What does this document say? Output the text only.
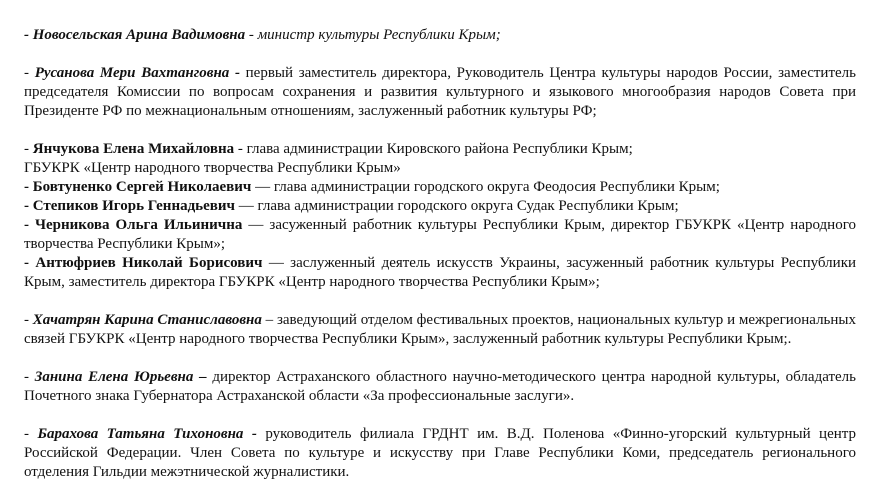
- Новосельская Арина Вадимовна - министр культуры Республики Крым;

- Русанова Мери Вахтанговна - первый заместитель директора, Руководитель Центра культуры народов России, заместитель председателя Комиссии по вопросам сохранения и развития культурного и языкового многообразия народов Совета при Президенте РФ по межнациональным отношениям, заслуженный работник культуры РФ;

- Янчукова Елена Михайловна - глава администрации Кировского района Республики Крым;

ГБУКРК «Центр народного творчества Республики Крым»

- Бовтуненко Сергей Николаевич — глава администрации городского округа Феодосия Республики Крым;

- Степиков Игорь Геннадьевич — глава администрации городского округа Судак Республики Крым;

- Черникова Ольга Ильинична — засуженный работник культуры Республики Крым, директор ГБУКРК «Центр народного творчества Республики Крым»;

- Антюфриев Николай Борисович — заслуженный деятель искусств Украины, засуженный работник культуры Республики Крым, заместитель директора ГБУКРК «Центр народного творчества Республики Крым»;

- Хачатрян Карина Станиславовна – заведующий отделом фестивальных проектов, национальных культур и межрегиональных связей ГБУКРК «Центр народного творчества Республики Крым», заслуженный работник культуры Республики Крым;.

- Занина Елена Юрьевна – директор Астраханского областного научно-методического центра народной культуры, обладатель Почетного знака Губернатора Астраханской области «За профессиональные заслуги».

- Барахова Татьяна Тихоновна - руководитель филиала ГРДНТ им. В.Д. Поленова «Финно-угорский культурный центр Российской Федерации. Член Совета по культуре и искусству при Главе Республики Коми, председатель регионального отделения Гильдии межэтнической журналистики.
